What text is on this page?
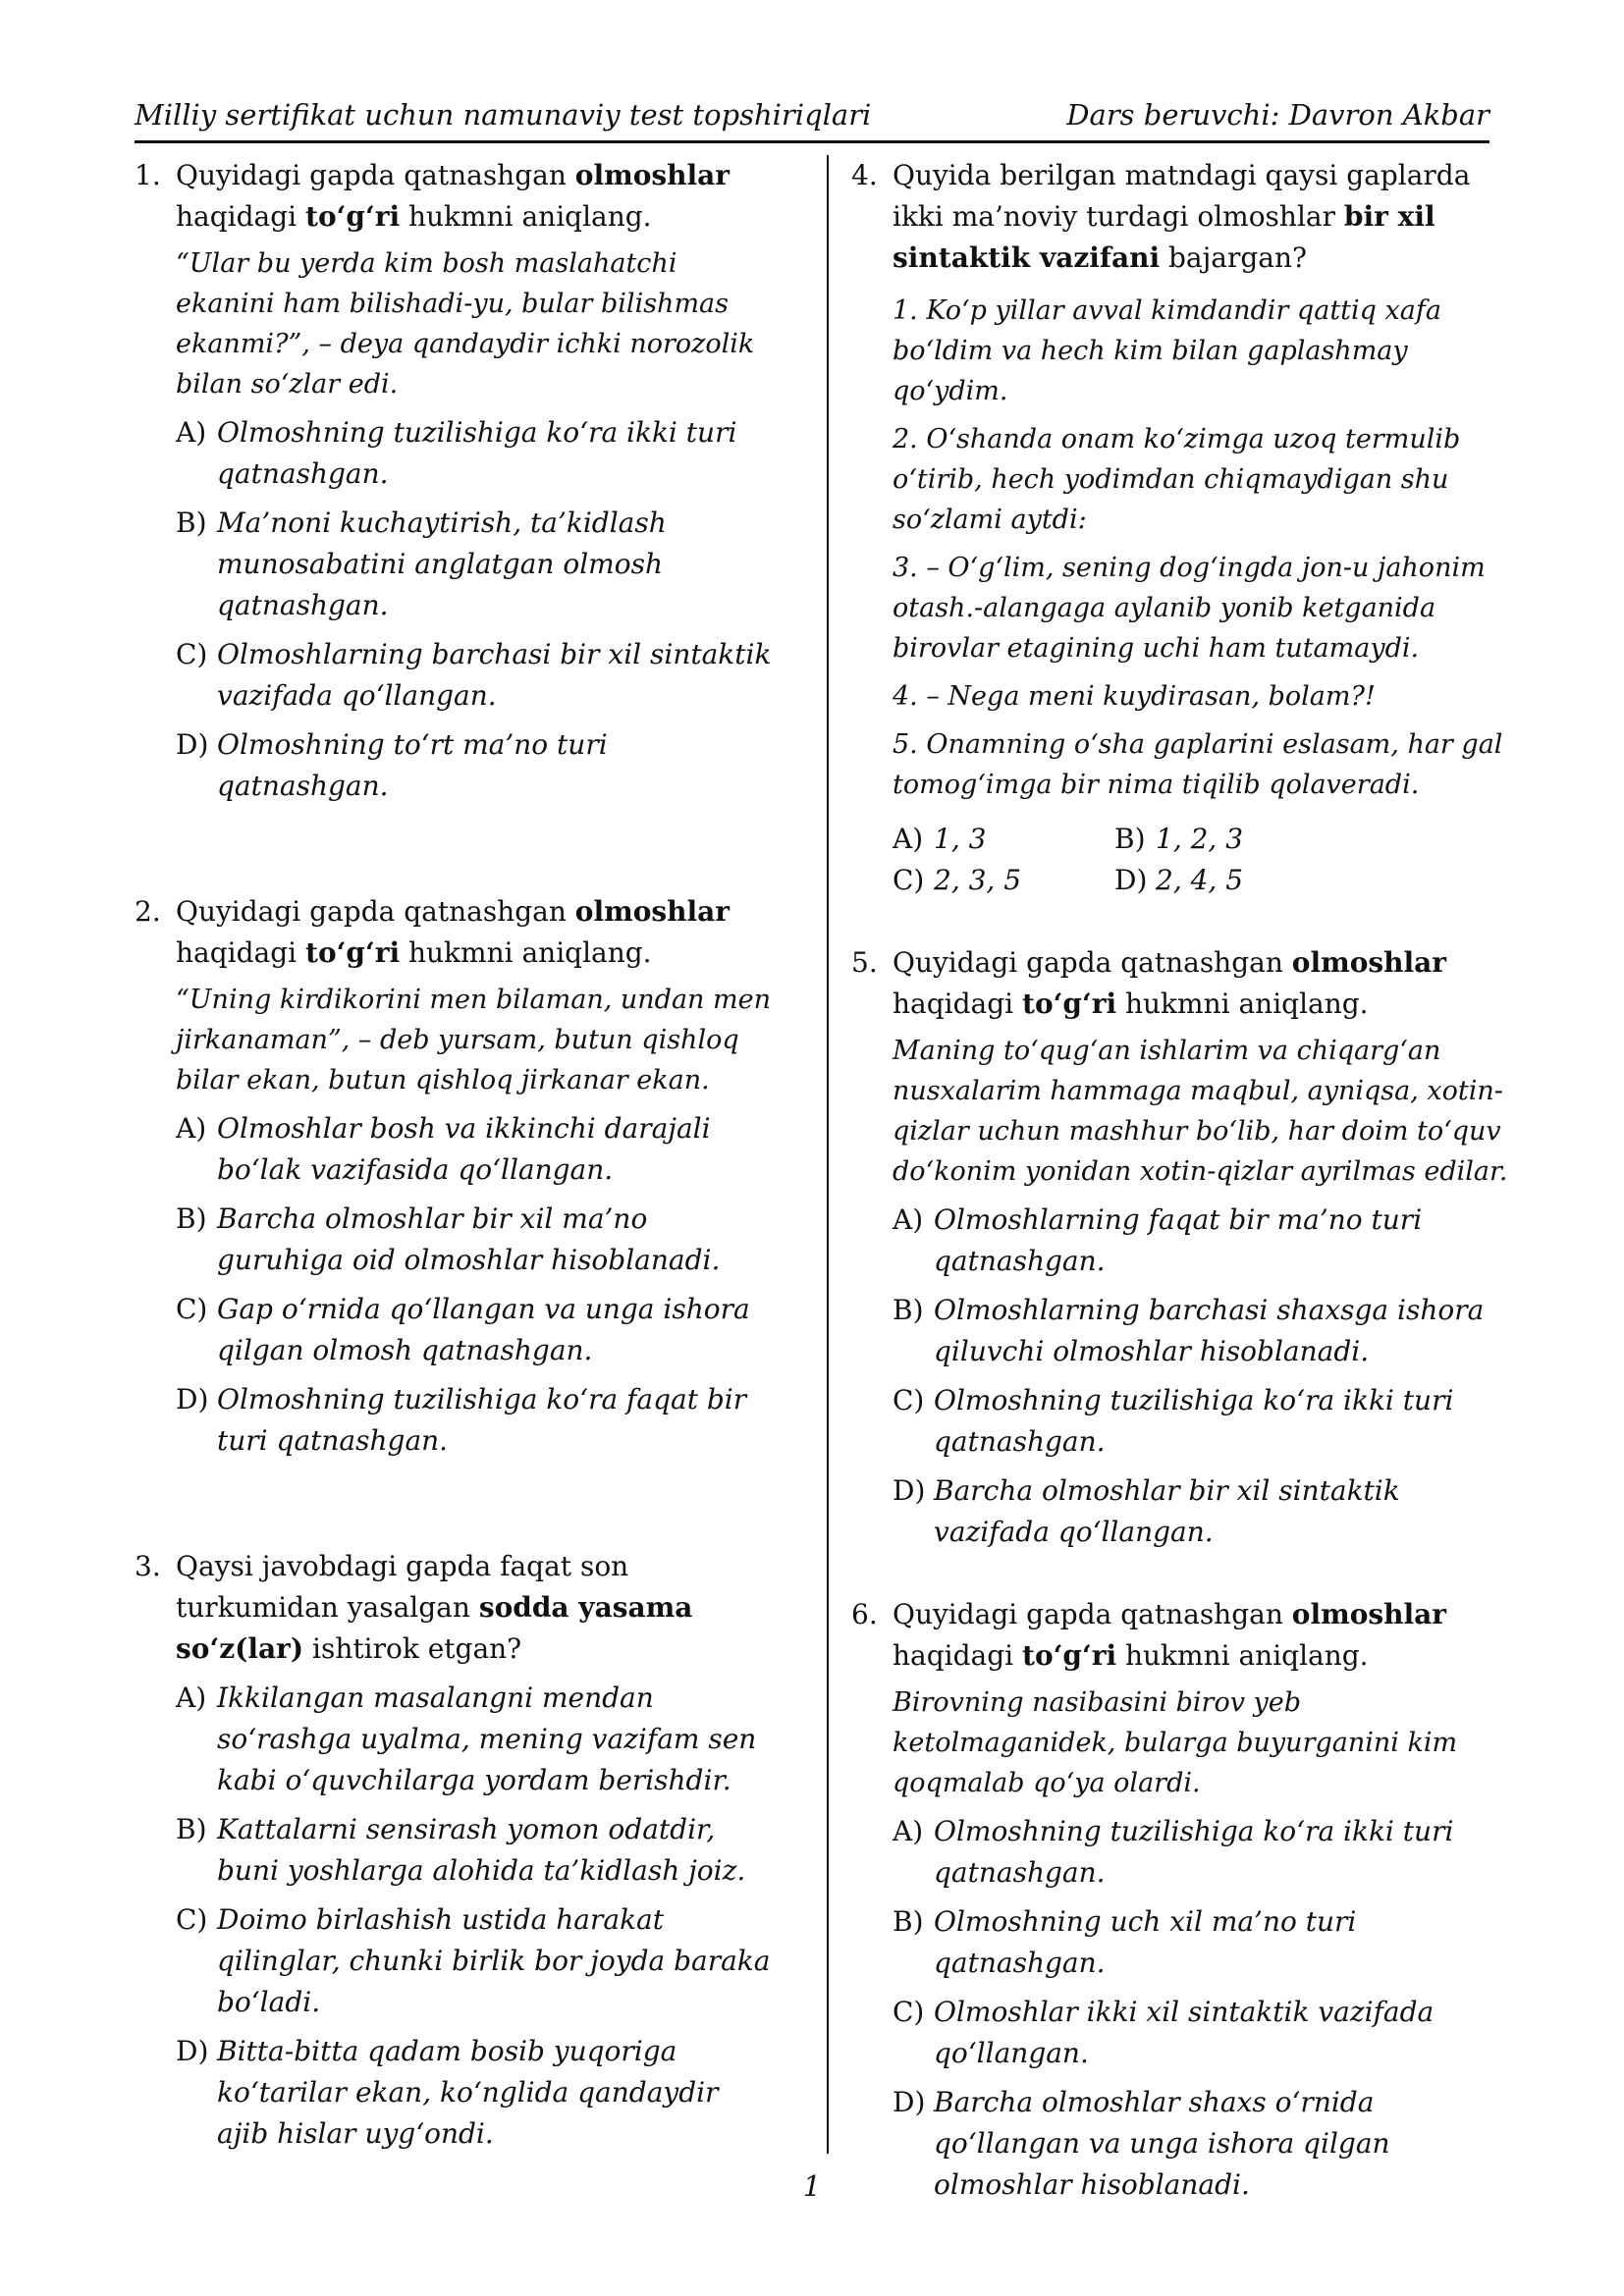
Milliy sertifikat uchun namunaviy test topshiriqlari	Dars beruvchi: Davron Akbar
1. Quyidagi gapda qatnashgan olmoshlar haqidagi to‘g‘ri hukmni aniqlang.
“Ular bu yerda kim bosh maslahatchi ekanini ham bilishadi-yu, bular bilishmas ekanmi?”, – deya qandaydir ichki norozolik bilan so‘zlar edi.
A) Olmoshning tuzilishiga ko‘ra ikki turi qatnashgan.
B) Ma’noni kuchaytirish, ta’kidlash munosabatini anglatgan olmosh qatnashgan.
C) Olmoshlarning barchasi bir xil sintaktik vazifada qo‘llangan.
D) Olmoshning to‘rt ma’no turi qatnashgan.
2. Quyidagi gapda qatnashgan olmoshlar haqidagi to‘g‘ri hukmni aniqlang.
“Uning kirdikorini men bilaman, undan men jirkanaman”, – deb yursam, butun qishloq bilar ekan, butun qishloq jirkanar ekan.
A) Olmoshlar bosh va ikkinchi darajali bo‘lak vazifasida qo‘llangan.
B) Barcha olmoshlar bir xil ma’no guruhiga oid olmoshlar hisoblanadi.
C) Gap o‘rnida qo‘llangan va unga ishora qilgan olmosh qatnashgan.
D) Olmoshning tuzilishiga ko‘ra faqat bir turi qatnashgan.
3. Qaysi javobdagi gapda faqat son turkumidan yasalgan sodda yasama so‘z(lar) ishtirok etgan?
A) Ikkilangan masalangni mendan so‘rashga uyalma, mening vazifam sen kabi o‘quvchilarga yordam berishdir.
B) Kattalarni sensirash yomon odatdir, buni yoshlarga alohida ta’kidlash joiz.
C) Doimo birlashish ustida harakat qilinglar, chunki birlik bor joyda baraka bo‘ladi.
D) Bitta-bitta qadam bosib yuqoriga ko‘tarilar ekan, ko‘nglida qandaydir ajib hislar uyg‘ondi.
4. Quyida berilgan matndagi qaysi gaplarda ikki ma’noviy turdagi olmoshlar bir xil sintaktik vazifani bajargan?
1. Ko‘p yillar avval kimdandir qattiq xafa bo‘ldim va hech kim bilan gaplashmay qo‘ydim.
2. O‘shanda onam ko‘zimga uzoq termulib o‘tirib, hech yodimdan chiqmaydigan shu so‘zlami aytdi:
3. – O‘g‘lim, sening dog‘ingda jon-u jahonim otash.-alangaga aylanib yonib ketganida birovlar etagining uchi ham tutamaydi.
4. – Nega meni kuydirasan, bolam?!
5. Onamning o‘sha gaplarini eslasam, har gal tomog‘imga bir nima tiqilib qolaveradi.
A) 1, 3	B) 1, 2, 3
C) 2, 3, 5	D) 2, 4, 5
5. Quyidagi gapda qatnashgan olmoshlar haqidagi to‘g‘ri hukmni aniqlang.
Maning to‘qug‘an ishlarim va chiqarg‘an nusxalarim hammaga maqbul, ayniqsa, xotin-qizlar uchun mashhur bo‘lib, har doim to‘quv do‘konim yonidan xotin-qizlar ayrilmas edilar.
A) Olmoshlarning faqat bir ma’no turi qatnashgan.
B) Olmoshlarning barchasi shaxsga ishora qiluvchi olmoshlar hisoblanadi.
C) Olmoshning tuzilishiga ko‘ra ikki turi qatnashgan.
D) Barcha olmoshlar bir xil sintaktik vazifada qo‘llangan.
6. Quyidagi gapda qatnashgan olmoshlar haqidagi to‘g‘ri hukmni aniqlang.
Birovning nasibasini birov yeb ketolmaganidek, bularga buyurganini kim qoqmalab qo‘ya olardi.
A) Olmoshning tuzilishiga ko‘ra ikki turi qatnashgan.
B) Olmoshning uch xil ma’no turi qatnashgan.
C) Olmoshlar ikki xil sintaktik vazifada qo‘llangan.
D) Barcha olmoshlar shaxs o‘rnida qo‘llangan va unga ishora qilgan olmoshlar hisoblanadi.
1
